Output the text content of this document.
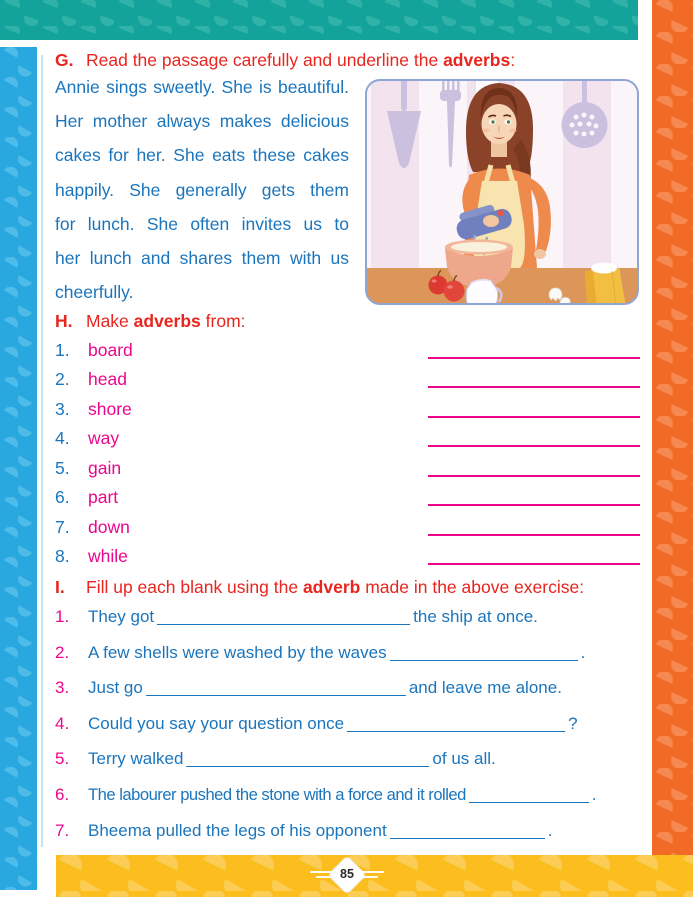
G. Read the passage carefully and underline the adverbs:
Annie sings sweetly. She is beautiful.
Her mother always makes delicious
cakes for her. She eats these cakes
happily. She generally gets them
for lunch. She often invites us to
her lunch and shares them with us
cheerfully.
H. Make adverbs from:
1. board
2. head
3. shore
4. way
5. gain
6. part
7. down
8. while
I. Fill up each blank using the adverb made in the above exercise:
1. They got	the ship at once.
2. A few shells were washed by the waves	.
3. Just go	and leave me alone.
4. Could you say your question once	?
5. Terry walked	of us all.
6. The labourer pushed the stone with a force and it rolled	.
7. Bheema pulled the legs of his opponent	.
85
